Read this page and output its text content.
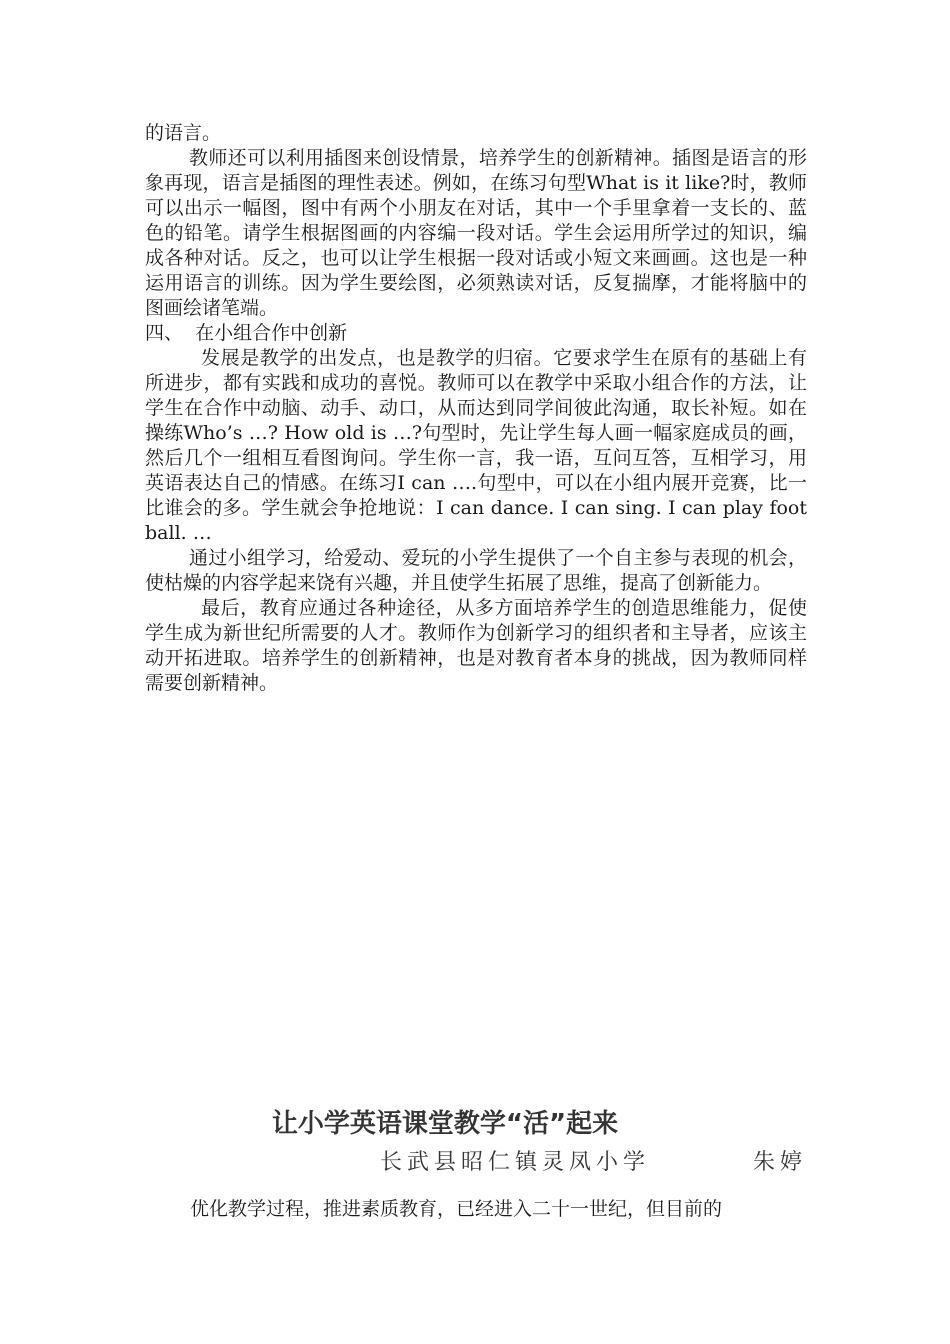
的语言。

教师还可以利用插图来创设情景，培养学生的创新精神。插图是语言的形象再现，语言是插图的理性表述。例如，在练习句型What is it like?时，教师可以出示一幅图，图中有两个小朋友在对话，其中一个手里拿着一支长的、蓝色的铅笔。请学生根据图画的内容编一段对话。学生会运用所学过的知识，编成各种对话。反之，也可以让学生根据一段对话或小短文来画画。这也是一种运用语言的训练。因为学生要绘图，必须熟读对话，反复揣摩，才能将脑中的图画绘诸笔端。

四、  在小组合作中创新

发展是教学的出发点，也是教学的归宿。它要求学生在原有的基础上有所进步，都有实践和成功的喜悦。教师可以在教学中采取小组合作的方法，让学生在合作中动脑、动手、动口，从而达到同学间彼此沟通，取长补短。如在操练Who’s …? How old is …?句型时，先让学生每人画一幅家庭成员的画，然后几个一组相互看图询问。学生你一言，我一语，互问互答，互相学习，用英语表达自己的情感。在练习I can ….句型中，可以在小组内展开竞赛，比一比谁会的多。学生就会争抢地说：I can dance. I can sing. I can play football. …

通过小组学习，给爱动、爱玩的小学生提供了一个自主参与表现的机会，使枯燥的内容学起来饶有兴趣，并且使学生拓展了思维，提高了创新能力。

最后，教育应通过各种途径，从多方面培养学生的创造思维能力，促使学生成为新世纪所需要的人才。教师作为创新学习的组织者和主导者，应该主动开拓进取。培养学生的创新精神，也是对教育者本身的挑战，因为教师同样需要创新精神。

让小学英语课堂教学“活”起来
长武县昭仁镇灵凤小学	朱婷
优化教学过程，推进素质教育，已经进入二十一世纪，但目前的
